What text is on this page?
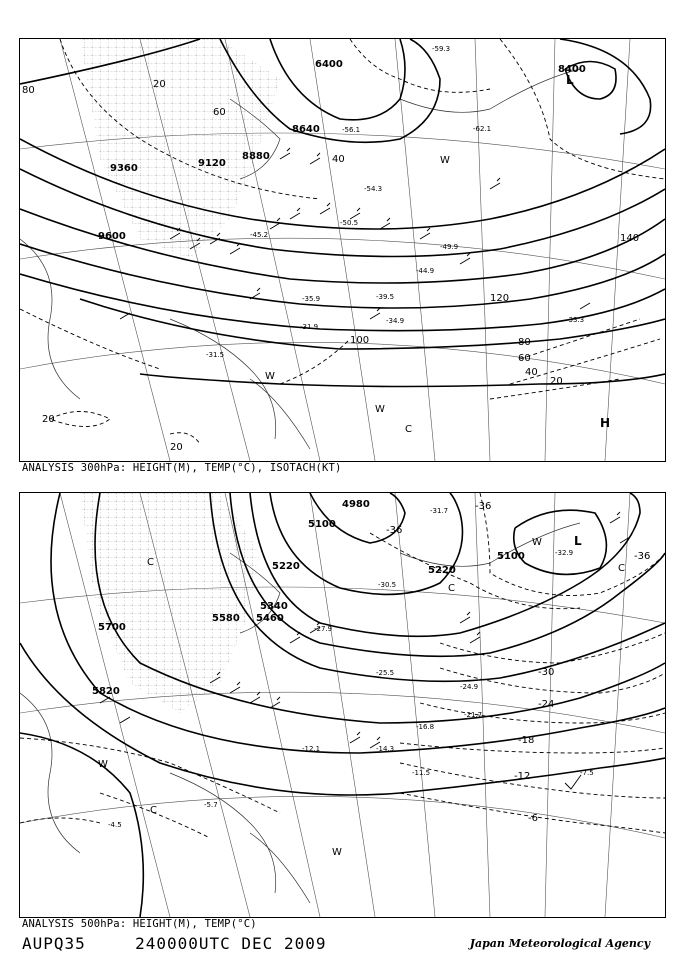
6400	8400
8640
8880
9120
9360
9600
80
20
60
40
120
140
100	80
60
40
20
20
20
-59.3
-62.1
-56.1
-54.3
-50.5
-49.9
-45.2
-44.9
-39.5
-35.9
-33.3
-34.9
-31.9
-31.5
L
H
W
W
W
C
ANALYSIS 300hPa: HEIGHT(M), TEMP(°C), ISOTACH(KT)
4980
5100
5220	5220
5100
5340
5460
5580
5700
5820
-36
-36
-36
-30
-24
-18
-12
-6
-31.7
-32.9
-30.5
-27.9
-25.5
-24.9
-21.7
-16.8
-14.3
-12.1
-11.5	-7.5
-5.7
-4.5
L
W
C
C
C
W
C
W
ANALYSIS 500hPa: HEIGHT(M), TEMP(°C)
AUPQ35	240000UTC DEC 2009	Japan Meteorological Agency
